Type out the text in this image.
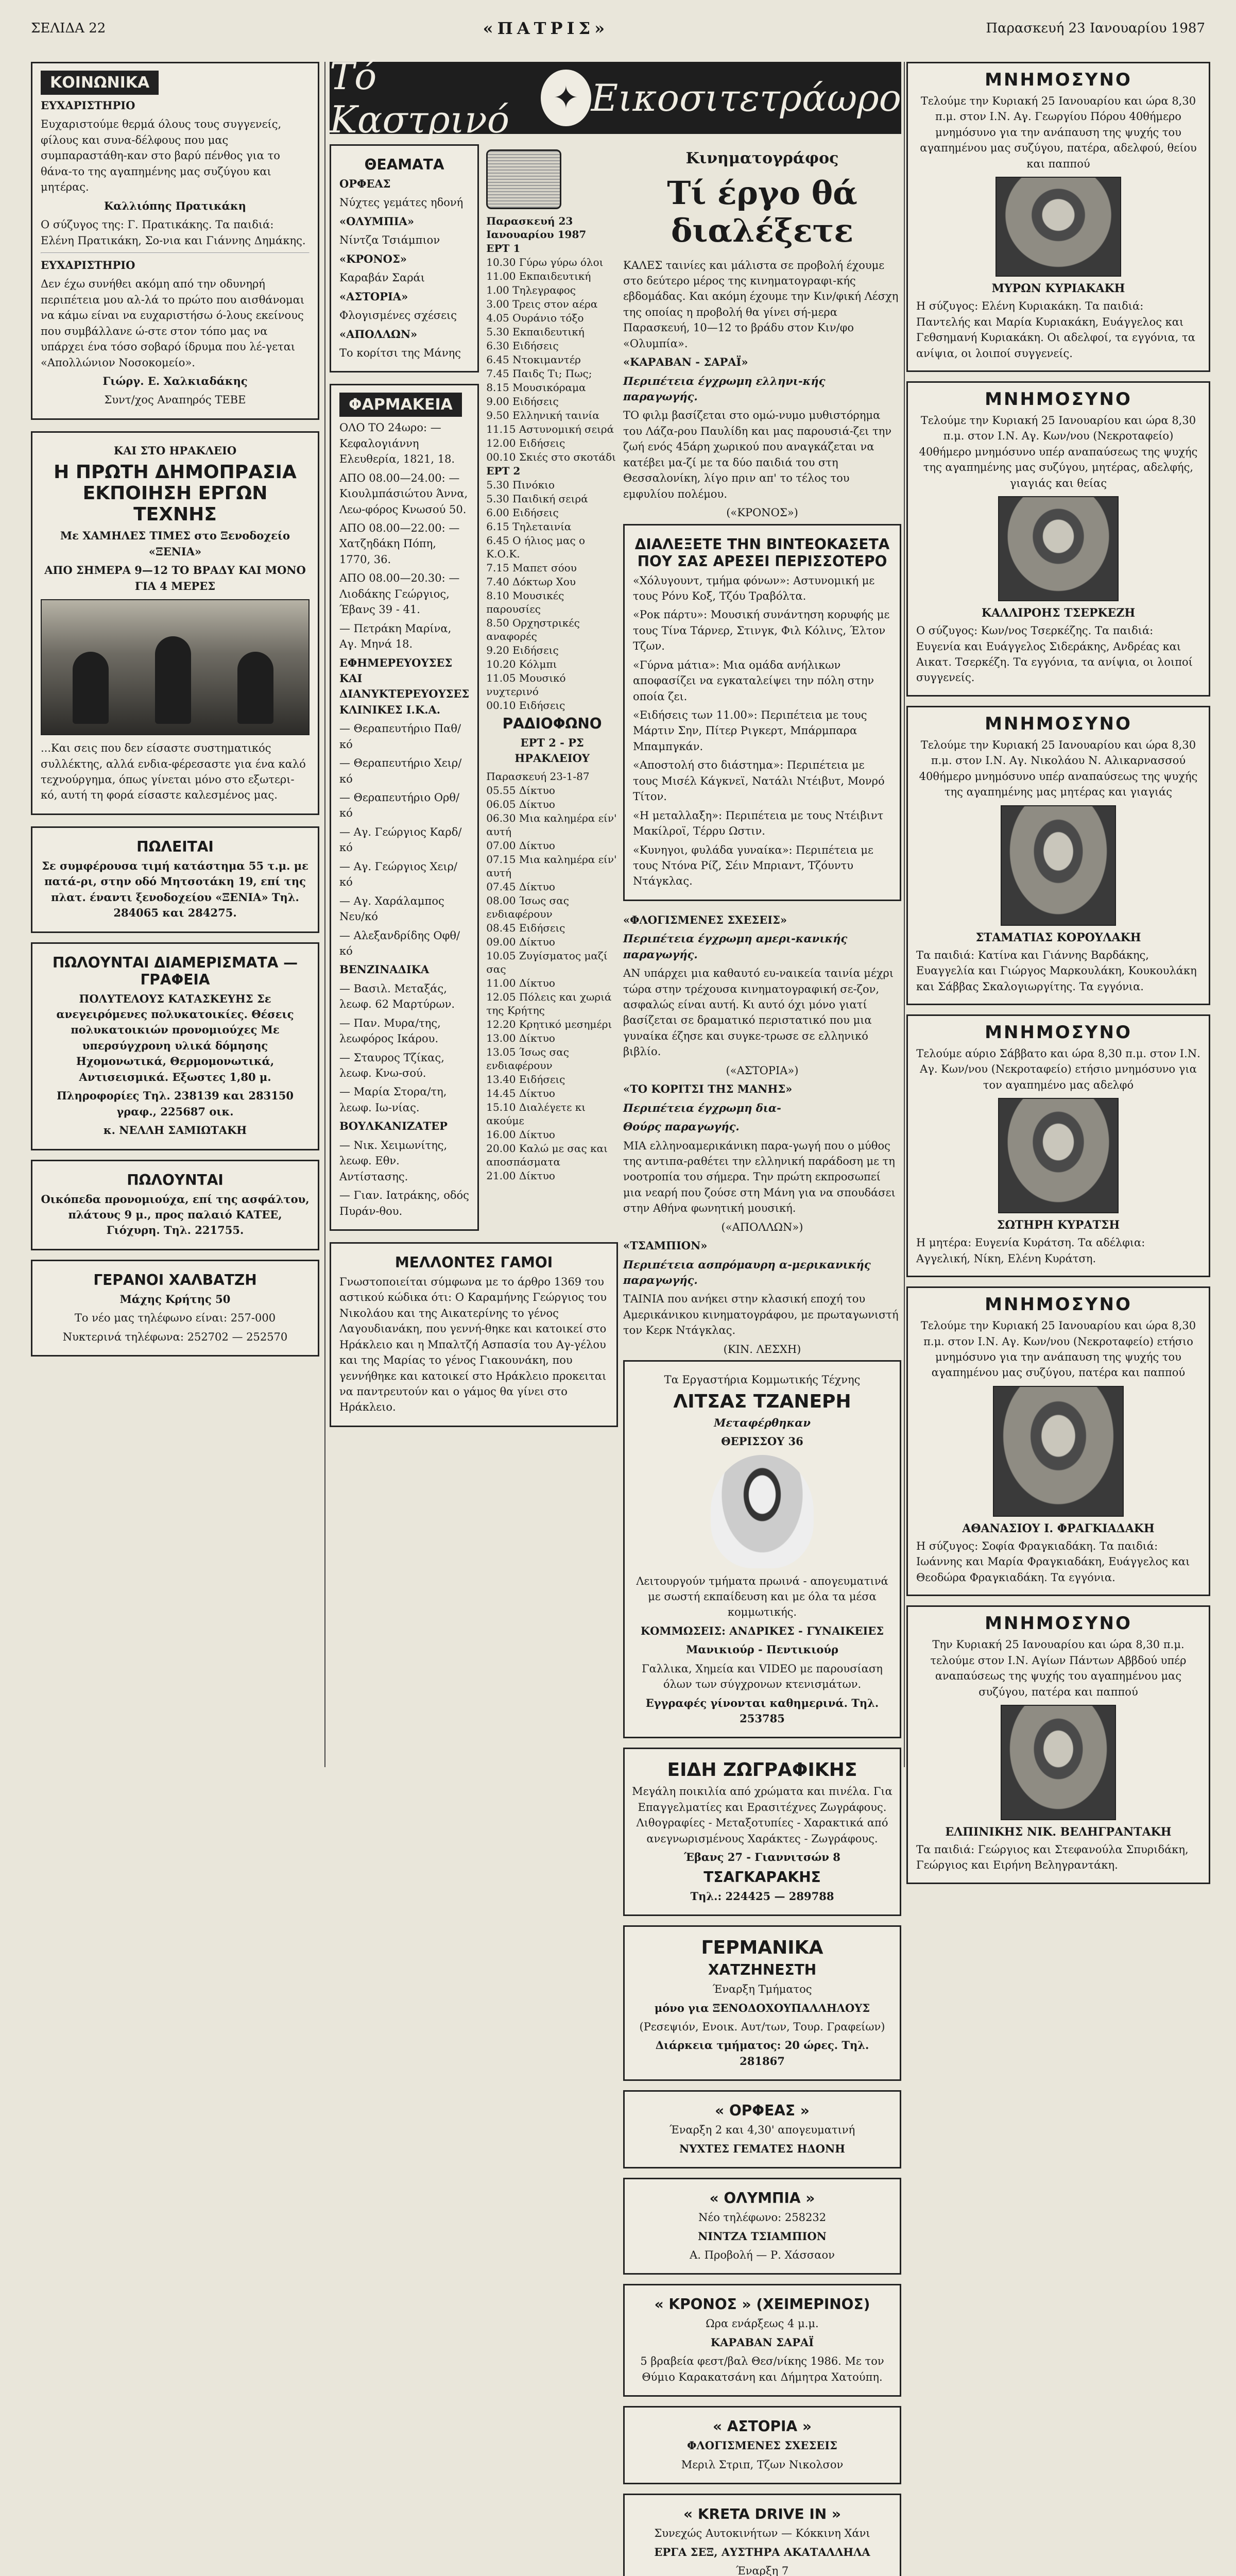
ΣΕΛΙΔΑ 22	«ΠΑΤΡΙΣ»	Παρασκευή 23 Ιανουαρίου 1987
ΚΟΙΝΩΝΙΚΑ

ΕΥΧΑΡΙΣΤΗΡΙΟ

Ευχαριστούμε θερμά όλους τους συγγενείς, φίλους και συνα-δέλφους που μας συμπαραστάθη-καν στο βαρύ πένθος για το θάνα-το της αγαπημένης μας συζύγου και μητέρας.

Καλλιόπης Πρατικάκη

Ο σύζυγος της: Γ. Πρατικάκης. Τα παιδιά: Ελένη Πρατικάκη, Σο-νια και Γιάννης Δημάκης.

ΕΥΧΑΡΙΣΤΗΡΙΟ

Δεν έχω συνήθει ακόμη από την οδυνηρή περιπέτεια μου αλ-λά το πρώτο που αισθάνομαι να κάμω είναι να ευχαριστήσω ό-λους εκείνους που συμβάλλανε ώ-στε στον τόπο μας να υπάρχει ένα τόσο σοβαρό ίδρυμα που λέ-γεται «Απολλώνιον Νοσοκομείο».

Γιώργ. Ε. Χαλκιαδάκης

Συντ/χος Αναπηρός ΤΕΒΕ

ΚΑΙ ΣΤΟ ΗΡΑΚΛΕΙΟ

Η ΠΡΩΤΗ ΔΗΜΟΠΡΑΣΙΑ ΕΚΠΟΙΗΣΗ ΕΡΓΩΝ ΤΕΧΝΗΣ

Με ΧΑΜΗΛΕΣ ΤΙΜΕΣ στο Ξενοδοχείο «ΞΕΝΙΑ»

ΑΠΟ ΣΗΜΕΡΑ 9—12 ΤΟ ΒΡΑΔΥ ΚΑΙ ΜΟΝΟ ΓΙΑ 4 ΜΕΡΕΣ

...Και σεις που δεν είσαστε συστηματικός συλλέκτης, αλλά ενδια-φέρεσαστε για ένα καλό τεχνούργημα, όπως γίνεται μόνο στο εξωτερι-κό, αυτή τη φορά είσαστε καλεσμένος μας.

ΠΩΛΕΙΤΑΙ

Σε συμφέρουσα τιμή κατάστημα 55 τ.μ. με πατά-ρι, στην οδό Μητσοτάκη 19, επί της πλατ. έναντι ξενοδοχείου «ΞΕΝΙΑ» Τηλ. 284065 και 284275.

ΠΩΛΟΥΝΤΑΙ ΔΙΑΜΕΡΙΣΜΑΤΑ — ΓΡΑΦΕΙΑ

ΠΟΛΥΤΕΛΟΥΣ ΚΑΤΑΣΚΕΥΗΣ Σε ανεγειρόμενες πολυκατοικίες. Θέσεις πολυκατοικιών προνομιούχες Με υπερσύγχρονη υλικά δόμησης Ηχομονωτικά, Θερμομονωτικά, Αντισεισμικά. Εξωστες 1,80 μ.

Πληροφορίες Τηλ. 238139 και 283150 γραφ., 225687 οικ.

κ. ΝΕΛΛΗ ΣΑΜΙΩΤΑΚΗ

ΠΩΛΟΥΝΤΑΙ

Οικόπεδα προνομιούχα, επί της ασφάλτου, πλάτους 9 μ., προς παλαιό ΚΑΤΕΕ, Γιόχυρη. Τηλ. 221755.

ΓΕΡΑΝΟΙ ΧΑΛΒΑΤΖΗ

Μάχης Κρήτης 50

Το νέο μας τηλέφωνο είναι: 257-000

Νυκτερινά τηλέφωνα: 252702 — 252570

Τό Καστρινό	✦ Εικοσιτετράωρο
ΘΕΑΜΑΤΑ

ΟΡΦΕΑΣ

Νύχτες γεμάτες ηδονή

«ΟΛΥΜΠΙΑ»

Νίντζα Τσιάμπιον

«ΚΡΟΝΟΣ»

Καραβάν Σαράι

«ΑΣΤΟΡΙΑ»

Φλογισμένες σχέσεις

«ΑΠΟΛΛΩΝ»

Το κορίτσι της Μάνης

ΦΑΡΜΑΚΕΙΑ

ΟΛΟ ΤΟ 24ωρο: — Κεφαλογιάννη Ελευθερία, 1821, 18.

ΑΠΟ 08.00—24.00: — Κιουλμπάσιώτου Άννα, Λεω-φόρος Κνωσού 50.

ΑΠΟ 08.00—22.00: — Χατζηδάκη Πόπη, 1770, 36.

ΑΠΟ 08.00—20.30: — Λιοδάκης Γεώργιος, Έβανς 39 - 41.

— Πετράκη Μαρίνα, Αγ. Μηνά 18.

ΕΦΗΜΕΡΕΥΟΥΣΕΣ ΚΑΙ ΔΙΑΝΥΚΤΕΡΕΥΟΥΣΕΣ ΚΛΙΝΙΚΕΣ Ι.Κ.Α.

— Θεραπευτήριο Παθ/κό

— Θεραπευτήριο Χειρ/κό

— Θεραπευτήριο Ορθ/κό

— Αγ. Γεώργιος Καρδ/κό

— Αγ. Γεώργιος Χειρ/κό

— Αγ. Χαράλαμπος Νευ/κό

— Αλεξανδρίδης Οφθ/κό

ΒΕΝΖΙΝΑΔΙΚΑ

— Βασιλ. Μεταξάς, λεωφ. 62 Μαρτύρων.

— Παν. Μυρα/της, λεωφόρος Ικάρου.

— Σταυρος Τζίκας, λεωφ. Κνω-σού.

— Μαρία Στορα/τη, λεωφ. Ιω-νίας.

ΒΟΥΛΚΑΝΙΖΑΤΕΡ

— Νικ. Χειμωνίτης, λεωφ. Εθν. Αντίστασης.

— Γιαν. Ιατράκης, οδός Πυράν-θου.

Παρασκευή 23 Ιανουαρίου 1987

ΕΡΤ 1

10.30 Γύρω γύρω όλοι

11.00 Εκπαιδευτική

1.00 Τηλεγραφος

3.00 Τρεις στον αέρα

4.05 Ουράνιο τόξο

5.30 Εκπαιδευτική

6.30 Ειδήσεις

6.45 Ντοκιμαντέρ

7.45 Παιδς Τι; Πως;

8.15 Μουσικόραμα

9.00 Ειδήσεις

9.50 Ελληνική ταινία

11.15 Αστυνομική σειρά

12.00 Ειδήσεις

00.10 Σκιές στο σκοτάδι

ΕΡΤ 2

5.30 Πινόκιο

5.30 Παιδική σειρά

6.00 Ειδήσεις

6.15 Τηλεταινία

6.45 Ο ήλιος μας ο Κ.Ο.Κ.

7.15 Μαπετ σόου

7.40 Δόκτωρ Χου

8.10 Μουσικές παρουσίες

8.50 Ορχηστρικές αναφορές

9.20 Ειδήσεις

10.20 Κόλμπι

11.05 Μουσικό νυχτερινό

00.10 Ειδήσεις

ΡΑΔΙΟΦΩΝΟ

ΕΡΤ 2 - ΡΣ ΗΡΑΚΛΕΙΟΥ

Παρασκευή 23-1-87

05.55 Δίκτυο

06.05 Δίκτυο

06.30 Μια καλημέρα είν' αυτή

07.00 Δίκτυο

07.15 Μια καλημέρα είν' αυτή

07.45 Δίκτυο

08.00 Ίσως σας ενδιαφέρουν

08.45 Ειδήσεις

09.00 Δίκτυο

10.05 Ζυγίσματος μαζί σας

11.00 Δίκτυο

12.05 Πόλεις και χωριά της Κρήτης

12.20 Κρητικό μεσημέρι

13.00 Δίκτυο

13.05 Ίσως σας ενδιαφέρουν

13.40 Ειδήσεις

14.45 Δίκτυο

15.10 Διαλέγετε κι ακούμε

16.00 Δίκτυο

20.00 Καλώ με σας και αποσπάσματα

21.00 Δίκτυο

ΜΕΛΛΟΝΤΕΣ ΓΑΜΟΙ

Γνωστοποιείται σύμφωνα με το άρθρο 1369 του αστικού κώδικα ότι: Ο Καραμήνης Γεώργιος του Νικολάου και της Αικατερίνης το γένος Λαγουδιανάκη, που γεννή-θηκε και κατοικεί στο Ηράκλειο και η Μπαλτζή Ασπασία του Αγ-γέλου και της Μαρίας το γένος Γιακουνάκη, που γεννήθηκε και κατοικεί στο Ηράκλειο προκειται να παντρευτούν και ο γάμος θα γίνει στο Ηράκλειο.

Κινηματογράφος

Τί έργο θά διαλέξετε

ΚΑΛΕΣ ταινίες και μάλιστα σε προβολή έχουμε στο δεύτερο μέρος της κινηματογραφι-κής εβδομάδας. Και ακόμη έχουμε την Κιν/φική Λέσχη της οποίας η προβολή θα γίνει σή-μερα Παρασκευή, 10—12 το βράδυ στον Κιν/φο «Ολυμπία».

«ΚΑΡΑΒΑΝ - ΣΑΡΑΪ»

Περιπέτεια έγχρωμη ελληνι-κής παραγωγής.

ΤΟ φιλμ βασίζεται στο ομώ-νυμο μυθιστόρημα του Λάζα-ρου Παυλίδη και μας παρουσιά-ζει την ζωή ενός 45άρη χωρικού που αναγκάζεται να κατέβει μα-ζί με τα δύο παιδιά του στη Θεσσαλονίκη, λίγο πριν απ' το τέλος του εμφυλίου πολέμου.

(«ΚΡΟΝΟΣ»)

ΔΙΑΛΕΞΕΤΕ ΤΗΝ ΒΙΝΤΕΟΚΑΣΕΤΑ ΠΟΥ ΣΑΣ ΑΡΕΣΕΙ ΠΕΡΙΣΣΟΤΕΡΟ

«Χόλυγουντ, τμήμα φόνων»: Αστυνομική με τους Ρόνυ Κοξ, Τζόυ Τραβόλτα.

«Ροκ πάρτυ»: Μουσική συνάντηση κορυφής με τους Τίνα Τάρνερ, Στινγκ, Φιλ Κόλινς, Έλτον Τζων.

«Γύρνα μάτια»: Μια ομάδα ανήλικων αποφασίζει να εγκαταλείψει την πόλη στην οποία ζει.

«Ειδήσεις των 11.00»: Περιπέτεια με τους Μάρτιν Σην, Πίτερ Ριγκερτ, Μπάρμπαρα Μπαμπγκάν.

«Αποστολή στο διάστημα»: Περιπέτεια με τους Μισέλ Κάγκνεϊ, Νατάλι Ντέιβυτ, Μονρό Τίτον.

«Η μεταλλαξη»: Περιπέτεια με τους Ντέιβιντ Μακίλροϊ, Τέρρυ Ωστιν.

«Κυνηγοι, φυλάδα γυναίκα»: Περιπέτεια με τους Ντόνα Ρίζ, Σέιν Μπριαντ, Τζόυντυ Ντάγκλας.

«ΦΛΟΓΙΣΜΕΝΕΣ ΣΧΕΣΕΙΣ»

Περιπέτεια έγχρωμη αμερι-κανικής παραγωγής.

ΑΝ υπάρχει μια καθαυτό ευ-ναικεία ταινία μέχρι τώρα στην τρέχουσα κινηματογραφική σε-ζον, ασφαλώς είναι αυτή. Κι αυτό όχι μόνο γιατί βασίζεται σε δραματικό περιστατικό που μια γυναίκα έζησε και συγκε-τρωσε σε ελληνικό βιβλίο.

(«ΑΣΤΟΡΙΑ»)

«ΤΟ ΚΟΡΙΤΣΙ ΤΗΣ ΜΑΝΗΣ»

Περιπέτεια έγχρωμη δια-

Θούρς παραγωγής.

ΜΙΑ ελληνοαμερικάνικη παρα-γωγή που ο μύθος της αντιπα-ραθέτει την ελληνική παράδοση με τη νοοτροπία του σήμερα. Την πρώτη εκπροσωπεί μια νεαρή που ζούσε στη Μάνη για να σπουδάσει στην Αθήνα φωνητική μουσική.

(«ΑΠΟΛΛΩΝ»)

«ΤΣΑΜΠΙΟΝ»

Περιπέτεια ασπρόμαυρη α-μερικανικής παραγωγής.

ΤΑΙΝΙΑ που ανήκει στην κλασική εποχή του Αμερικάνικου κινηματογράφου, με πρωταγωνιστή τον Κερκ Ντάγκλας.

(ΚΙΝ. ΛΕΣΧΗ)

Τα Εργαστήρια Κομμωτικής Τέχνης

ΛΙΤΣΑΣ ΤΖΑΝΕΡΗ

Μεταφέρθηκαν

ΘΕΡΙΣΣΟΥ 36

Λειτουργούν τμήματα πρωινά - απογευματινά με σωστή εκπαίδευση και με όλα τα μέσα κομμωτικής.

ΚΟΜΜΩΣΕΙΣ: ΑΝΔΡΙΚΕΣ - ΓΥΝΑΙΚΕΙΕΣ

Μανικιούρ - Πεντικιούρ

Γαλλικα, Χημεία και VIDEO με παρουσίαση όλων των σύγχρονων κτενισμάτων.

Εγγραφές γίνονται καθημερινά. Τηλ. 253785

ΕΙΔΗ ΖΩΓΡΑΦΙΚΗΣ

Μεγάλη ποικιλία από χρώματα και πινέλα. Για Επαγγελματίες και Ερασιτέχνες Ζωγράφους. Λιθογραφίες - Μεταξοτυπίες - Χαρακτικά από ανεγνωρισμένους Χαράκτες - Ζωγράφους.

Έβανς 27 - Γιαννιτσών 8

ΤΣΑΓΚΑΡΑΚΗΣ

Τηλ.: 224425 — 289788

ΓΕΡΜΑΝΙΚΑ
ΧΑΤΖΗΝΕΣΤΗ

Έναρξη Τμήματος

μόνο για ΞΕΝΟΔΟΧΟΥΠΑΛΛΗΛΟΥΣ

(Ρεσεψιόν, Ενοικ. Αυτ/των, Τουρ. Γραφείων)

Διάρκεια τμήματος: 20 ώρες. Τηλ. 281867

« ΟΡΦΕΑΣ »

Έναρξη 2 και 4,30' απογευματινή

ΝΥΧΤΕΣ ΓΕΜΑΤΕΣ ΗΔΟΝΗ

« ΟΛΥΜΠΙΑ »

Νέο τηλέφωνο: 258232

ΝΙΝΤΖΑ ΤΣΙΑΜΠΙΟΝ

Α. Προβολή — Ρ. Χάσσαον

« ΚΡΟΝΟΣ » (ΧΕΙΜΕΡΙΝΟΣ)

Ωρα ενάρξεως 4 μ.μ.

ΚΑΡΑΒΑΝ ΣΑΡΑΪ

5 βραβεία φεστ/βαλ Θεσ/νίκης 1986. Με τον Θύμιο Καρακατσάνη και Δήμητρα Χατούπη.

« ΑΣΤΟΡΙΑ »

ΦΛΟΓΙΣΜΕΝΕΣ ΣΧΕΣΕΙΣ

Μεριλ Στριπ, Τζων Νικολσον

« KRETA DRIVE IN »

Συνεχώς Αυτοκινήτων — Κόκκινη Χάνι

ΕΡΓΑ ΣΕΞ, ΑΥΣΤΗΡΑ ΑΚΑΤΑΛΛΗΛΑ

Έναρξη 7

ΜΝΗΜΟΣΥΝΟ

Τελούμε την Κυριακή 25 Ιανουαρίου και ώρα 8,30 π.μ. στον Ι.Ν. Αγ. Γεωργίου Πόρου 40θήμερο μνημόσυνο για την ανάπαυση της ψυχής του αγαπημένου μας συζύγου, πατέρα, αδελφού, θείου και παππού

ΜΥΡΩΝ ΚΥΡΙΑΚΑΚΗ

Η σύζυγος: Ελένη Κυριακάκη. Τα παιδιά: Παντελής και Μαρία Κυριακάκη, Ευάγγελος και Γεθσημανή Κυριακάκη. Οι αδελφοί, τα εγγόνια, τα ανίψια, οι λοιποί συγγενείς.

ΜΝΗΜΟΣΥΝΟ

Τελούμε την Κυριακή 25 Ιανουαρίου και ώρα 8,30 π.μ. στον Ι.Ν. Αγ. Κων/νου (Νεκροταφείο) 40θήμερο μνημόσυνο υπέρ αναπαύσεως της ψυχής της αγαπημένης μας συζύγου, μητέρας, αδελφής, γιαγιάς και θείας

ΚΑΛΛΙΡΟΗΣ ΤΣΕΡΚΕΖΗ

Ο σύζυγος: Κων/νος Τσερκέζης. Τα παιδιά: Ευγενία και Ευάγγελος Σιδεράκης, Ανδρέας και Αικατ. Τσερκέζη. Τα εγγόνια, τα ανίψια, οι λοιποί συγγενείς.

ΜΝΗΜΟΣΥΝΟ

Τελούμε την Κυριακή 25 Ιανουαρίου και ώρα 8,30 π.μ. στον Ι.Ν. Αγ. Νικολάου Ν. Αλικαρνασσού 40θήμερο μνημόσυνο υπέρ αναπαύσεως της ψυχής της αγαπημένης μας μητέρας και γιαγιάς

ΣΤΑΜΑΤΙΑΣ ΚΟΡΟΥΛΑΚΗ

Τα παιδιά: Κατίνα και Γιάννης Βαρδάκης, Ευαγγελία και Γιώργος Μαρκουλάκη, Κουκουλάκη και Σάββας Σκαλογιωργίτης. Τα εγγόνια.

ΜΝΗΜΟΣΥΝΟ

Τελούμε αύριο Σάββατο και ώρα 8,30 π.μ. στον Ι.Ν. Αγ. Κων/νου (Νεκροταφείο) ετήσιο μνημόσυνο για τον αγαπημένο μας αδελφό

ΣΩΤΗΡΗ ΚΥΡΑΤΣΗ

Η μητέρα: Ευγενία Κυράτση. Τα αδέλφια: Αγγελική, Νίκη, Ελένη Κυράτση.

ΜΝΗΜΟΣΥΝΟ

Τελούμε την Κυριακή 25 Ιανουαρίου και ώρα 8,30 π.μ. στον Ι.Ν. Αγ. Κων/νου (Νεκροταφείο) ετήσιο μνημόσυνο για την ανάπαυση της ψυχής του αγαπημένου μας συζύγου, πατέρα και παππού

ΑΘΑΝΑΣΙΟΥ Ι. ΦΡΑΓΚΙΑΔΑΚΗ

Η σύζυγος: Σοφία Φραγκιαδάκη. Τα παιδιά: Ιωάννης και Μαρία Φραγκιαδάκη, Ευάγγελος και Θεοδώρα Φραγκιαδάκη. Τα εγγόνια.

ΜΝΗΜΟΣΥΝΟ

Την Κυριακή 25 Ιανουαρίου και ώρα 8,30 π.μ. τελούμε στον Ι.Ν. Αγίων Πάντων Αββδού υπέρ αναπαύσεως της ψυχής του αγαπημένου μας συζύγου, πατέρα και παππού

ΕΛΠΙΝΙΚΗΣ ΝΙΚ. ΒΕΛΗΓΡΑΝΤΑΚΗ

Τα παιδιά: Γεώργιος και Στεφανούλα Σπυριδάκη, Γεώργιος και Ειρήνη Βεληγραντάκη.
